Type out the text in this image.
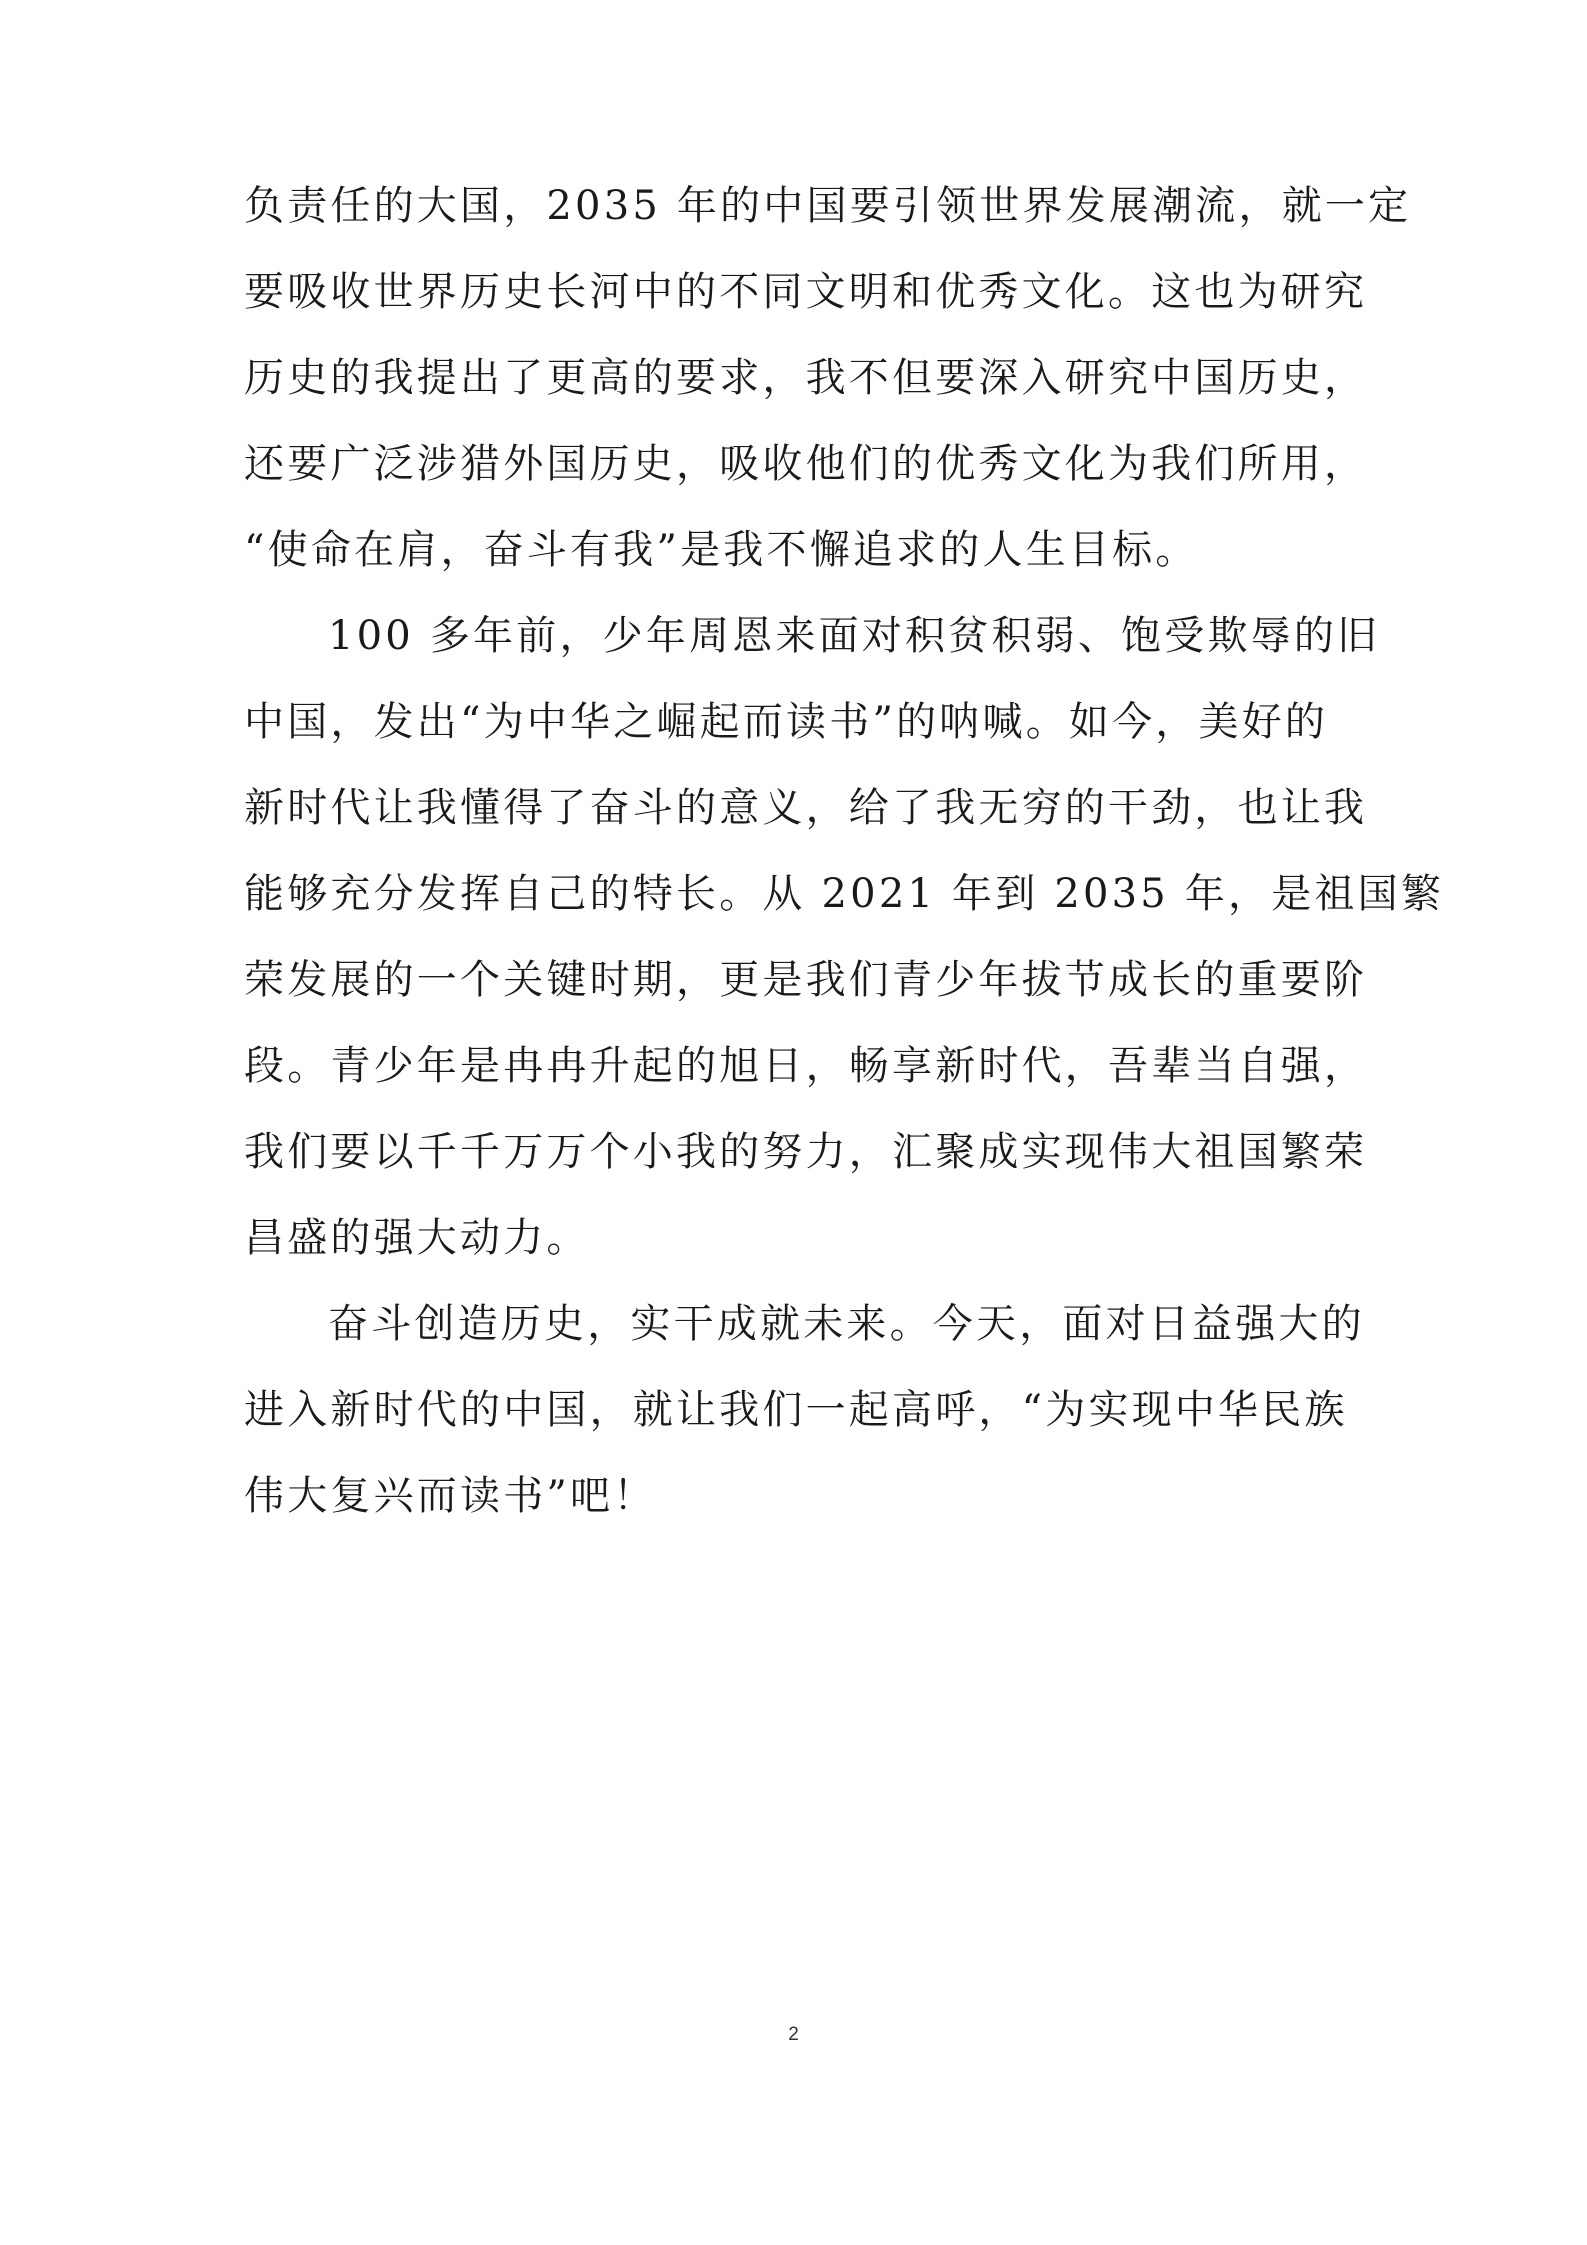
负责任的大国，2035 年的中国要引领世界发展潮流，就一定
要吸收世界历史长河中的不同文明和优秀文化。这也为研究
历史的我提出了更高的要求，我不但要深入研究中国历史，
还要广泛涉猎外国历史，吸收他们的优秀文化为我们所用，
“使命在肩，奋斗有我”是我不懈追求的人生目标。
100 多年前，少年周恩来面对积贫积弱、饱受欺辱的旧
中国，发出“为中华之崛起而读书”的呐喊。如今，美好的
新时代让我懂得了奋斗的意义，给了我无穷的干劲，也让我
能够充分发挥自己的特长。从 2021 年到 2035 年，是祖国繁
荣发展的一个关键时期，更是我们青少年拔节成长的重要阶
段。青少年是冉冉升起的旭日，畅享新时代，吾辈当自强，
我们要以千千万万个小我的努力，汇聚成实现伟大祖国繁荣
昌盛的强大动力。
奋斗创造历史，实干成就未来。今天，面对日益强大的
进入新时代的中国，就让我们一起高呼，“为实现中华民族
伟大复兴而读书”吧！
2
